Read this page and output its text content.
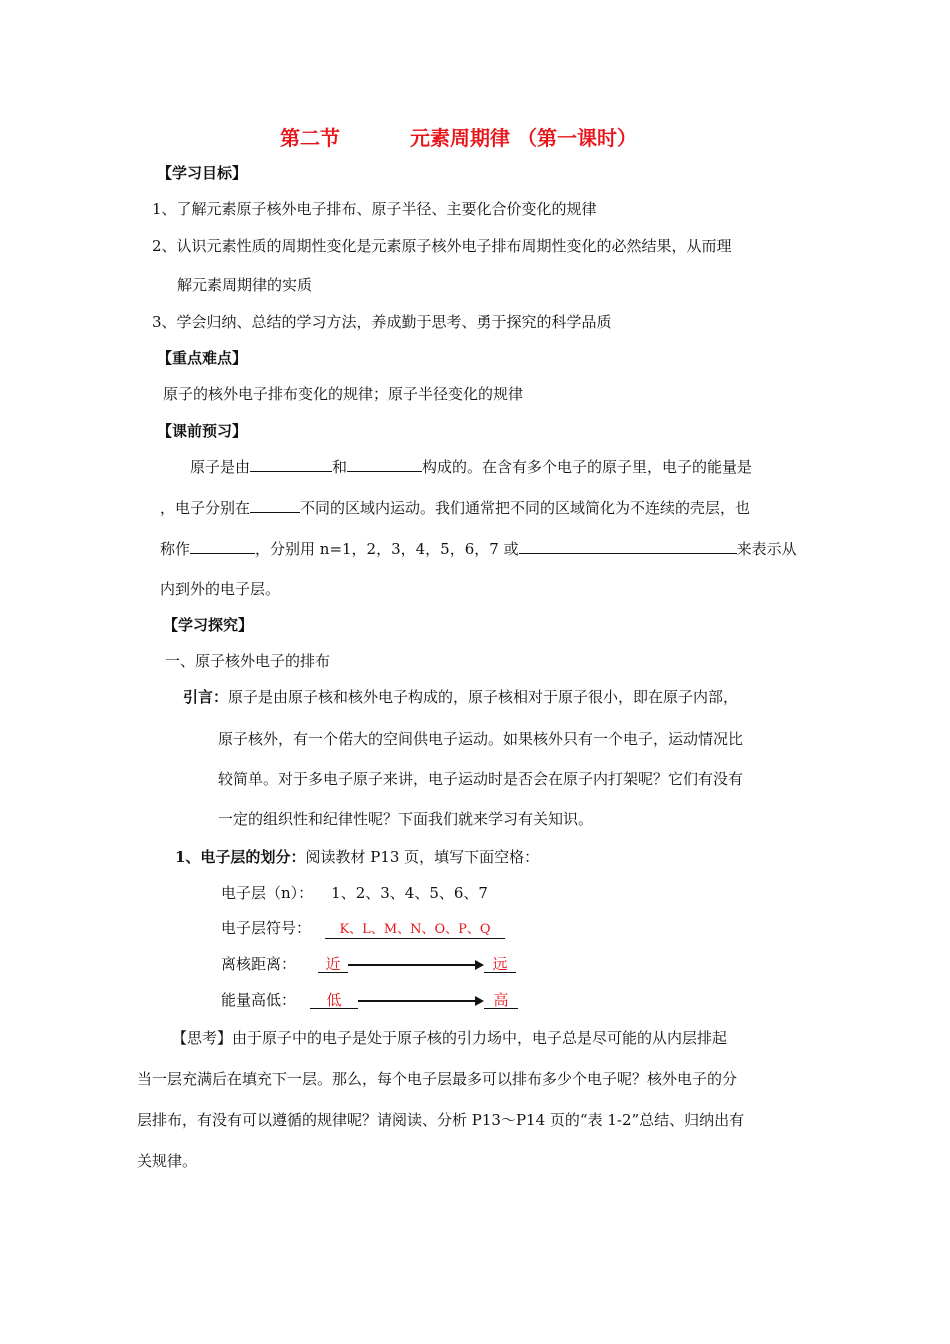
第二节	元素周期律 （第一课时）
【学习目标】
1、了解元素原子核外电子排布、原子半径、主要化合价变化的规律
2、认识元素性质的周期性变化是元素原子核外电子排布周期性变化的必然结果，从而理
解元素周期律的实质
3、学会归纳、总结的学习方法，养成勤于思考、勇于探究的科学品质
【重点难点】
原子的核外电子排布变化的规律；原子半径变化的规律
【课前预习】
原子是由	和	构成的。在含有多个电子的原子里，电子的能量是
，电子分别在	不同的区域内运动。我们通常把不同的区域简化为不连续的壳层，也
称作	，分别用 n=1，2，3，4，5，6，7 或	来表示从
内到外的电子层。
【学习探究】
一、原子核外电子的排布
引言：原子是由原子核和核外电子构成的，原子核相对于原子很小，即在原子内部，
原子核外，有一个偌大的空间供电子运动。如果核外只有一个电子，运动情况比
较简单。对于多电子原子来讲，电子运动时是否会在原子内打架呢？它们有没有
一定的组织性和纪律性呢？下面我们就来学习有关知识。
1、电子层的划分：阅读教材 P13 页，填写下面空格：
电子层（n）： 1、2、3、4、5、6、7
电子层符号： K、L、M、N、O、P、Q
离核距离： 近	远
能量高低： 低	高
【思考】由于原子中的电子是处于原子核的引力场中，电子总是尽可能的从内层排起
当一层充满后在填充下一层。那么，每个电子层最多可以排布多少个电子呢？核外电子的分
层排布，有没有可以遵循的规律呢？请阅读、分析 P13～P14 页的“表 1-2”总结、归纳出有
关规律。
